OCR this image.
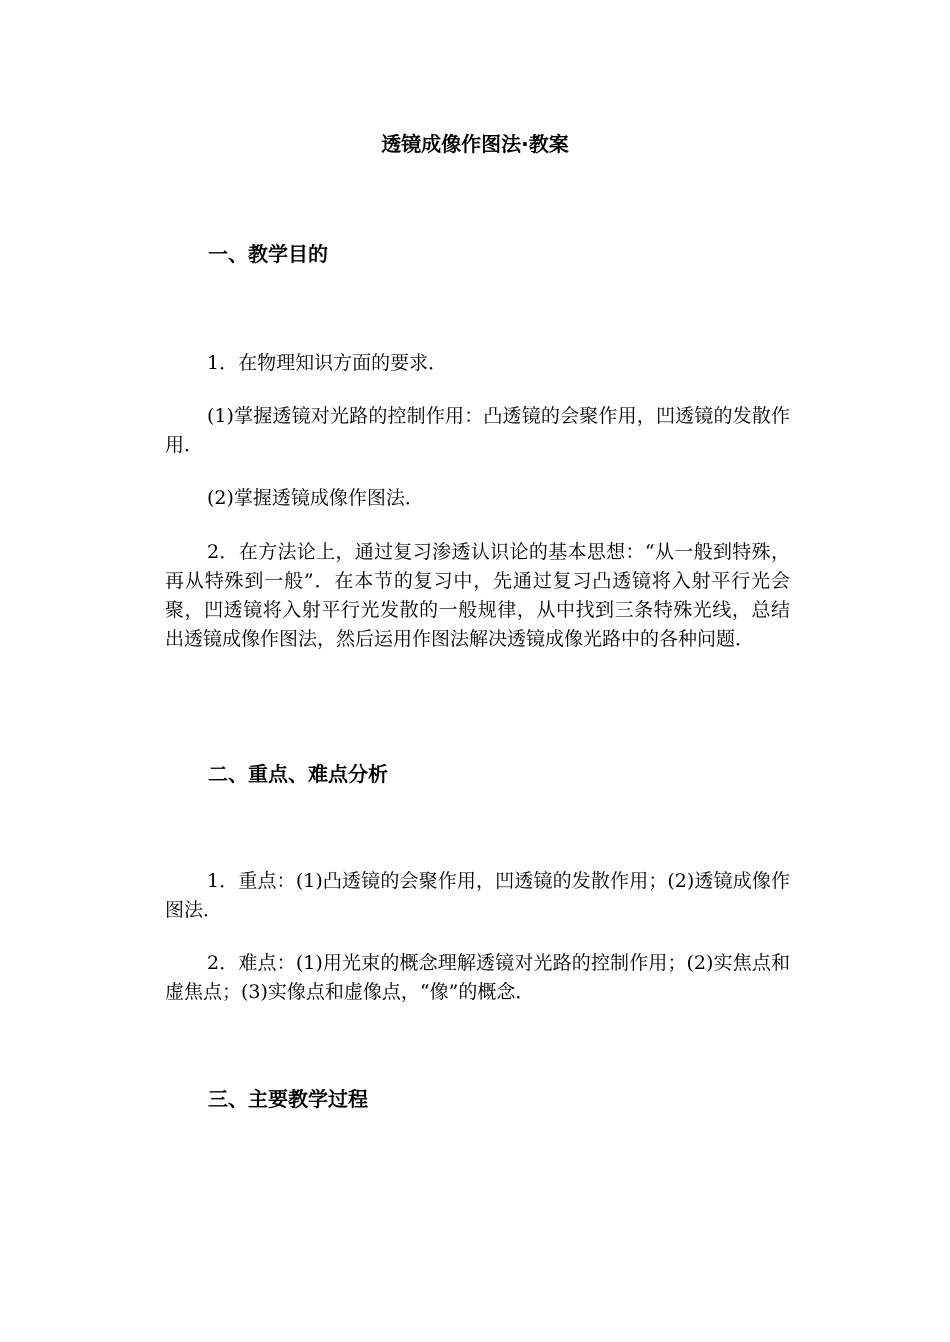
透镜成像作图法·教案
一、教学目的

1．在物理知识方面的要求．

(1)掌握透镜对光路的控制作用：凸透镜的会聚作用，凹透镜的发散作用．

(2)掌握透镜成像作图法．

2．在方法论上，通过复习渗透认识论的基本思想：“从一般到特殊，再从特殊到一般”．在本节的复习中，先通过复习凸透镜将入射平行光会聚，凹透镜将入射平行光发散的一般规律，从中找到三条特殊光线，总结出透镜成像作图法，然后运用作图法解决透镜成像光路中的各种问题．

二、重点、难点分析

1．重点：(1)凸透镜的会聚作用，凹透镜的发散作用；(2)透镜成像作图法．

2．难点：(1)用光束的概念理解透镜对光路的控制作用；(2)实焦点和虚焦点；(3)实像点和虚像点，“像”的概念．

三、主要教学过程
